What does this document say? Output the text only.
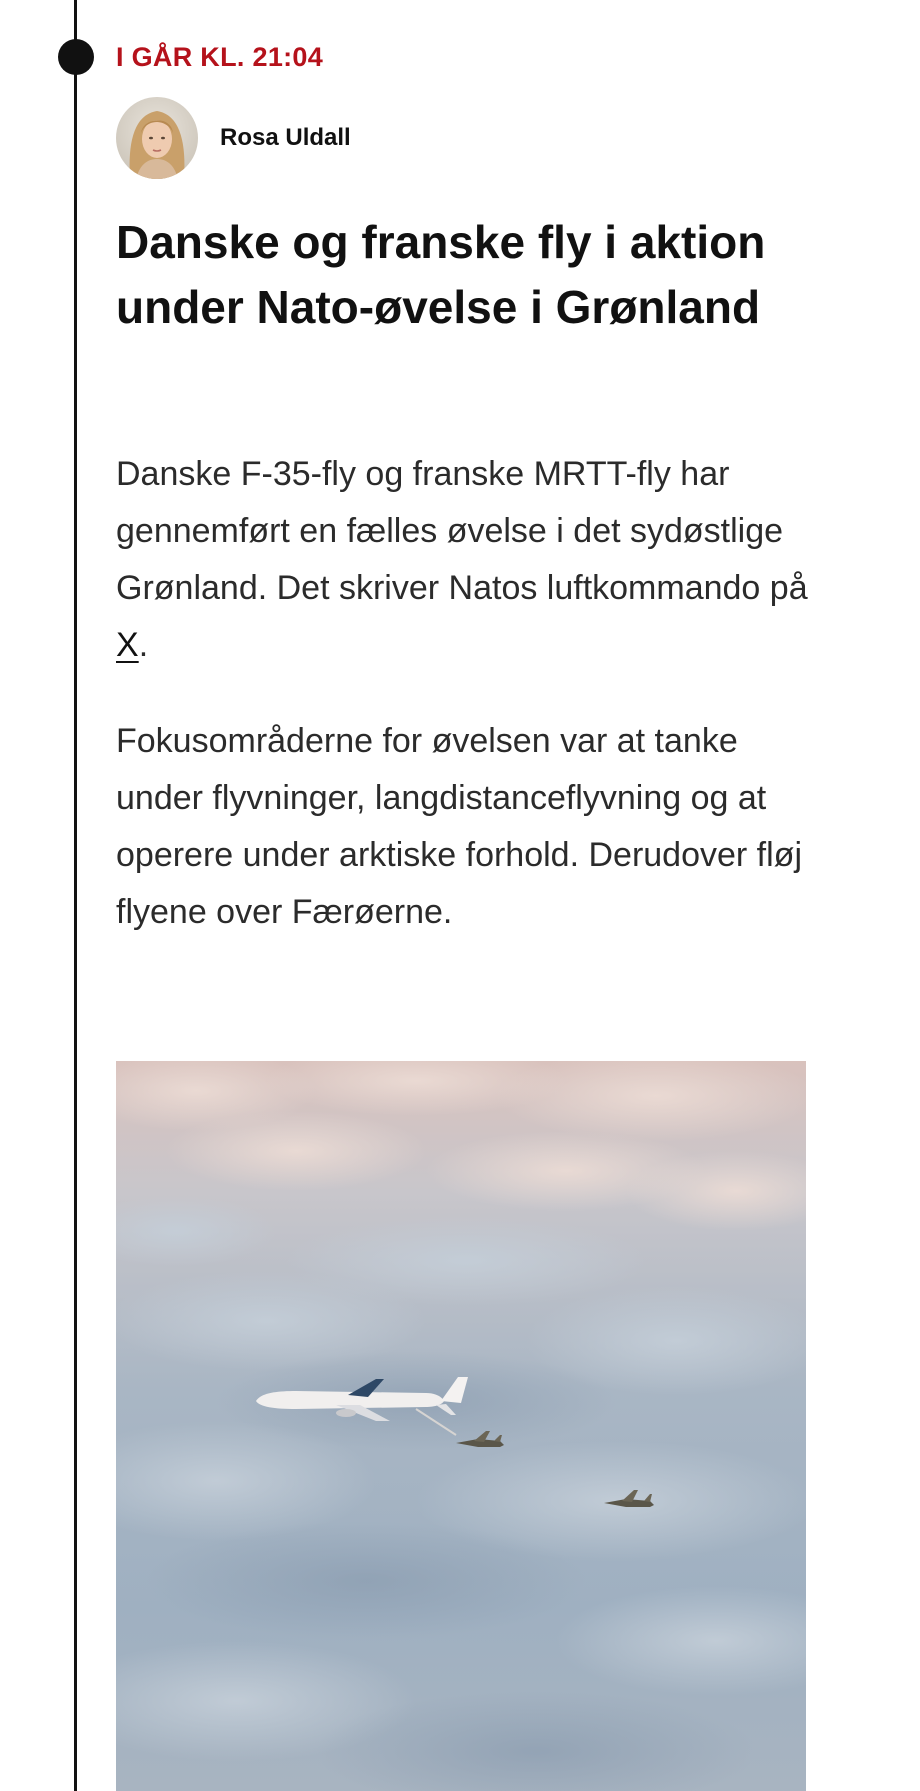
I GÅR KL. 21:04
Rosa Uldall
Danske og franske fly i aktion under Nato-øvelse i Grønland

Danske F-35-fly og franske MRTT-fly har gennemført en fælles øvelse i det sydøstlige Grønland. Det skriver Natos luftkommando på X.

Fokusområderne for øvelsen var at tanke under flyvninger, langdistanceflyvning og at operere under arktiske forhold. Derudover fløj flyene over Færøerne.
